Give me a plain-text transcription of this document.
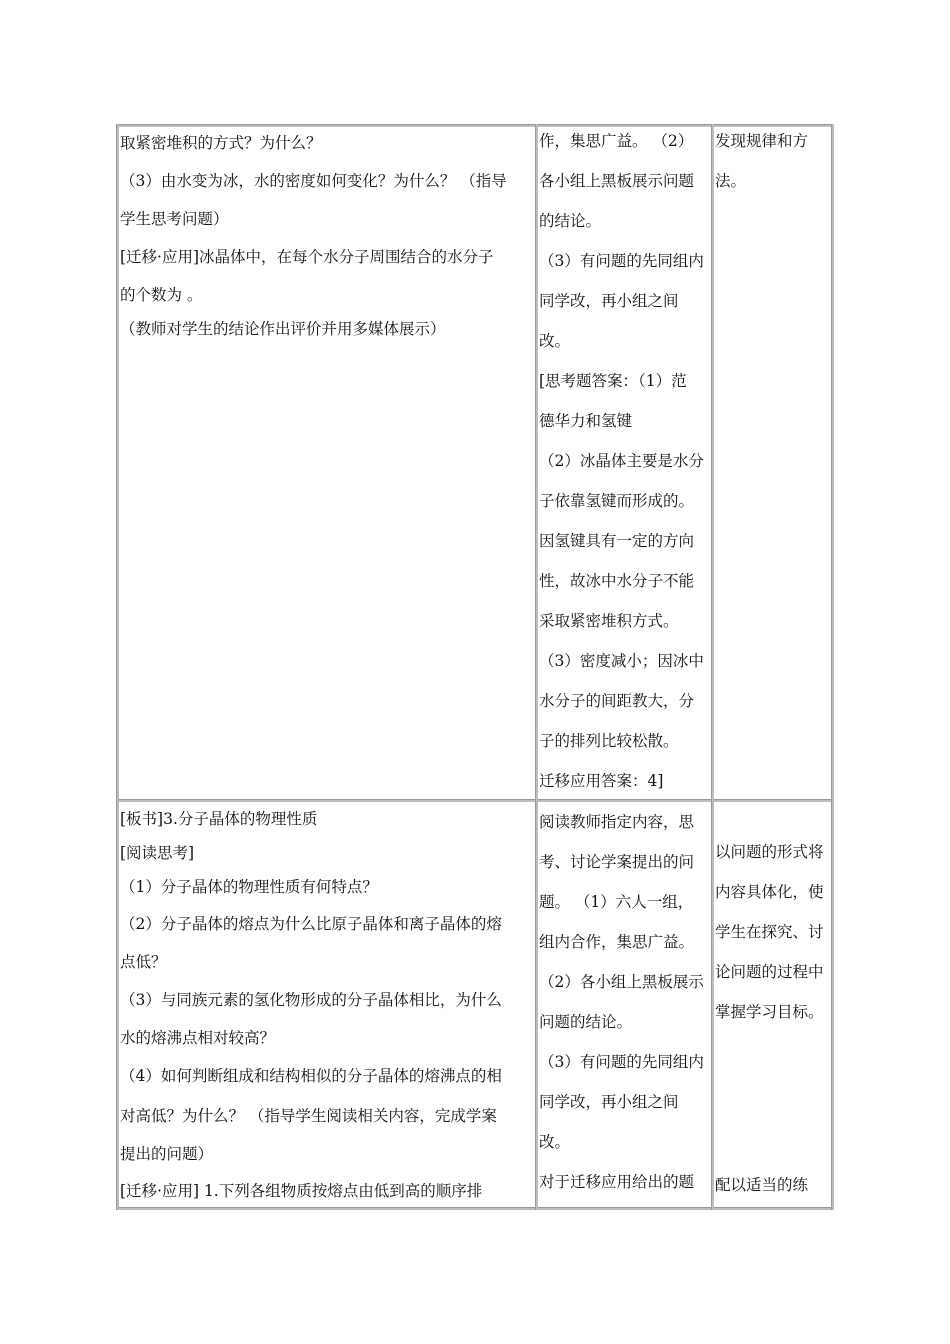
取紧密堆积的方式？为什么？
（3）由水变为冰，水的密度如何变化？为什么？ （指导
学生思考问题）
[迁移·应用]冰晶体中，在每个水分子周围结合的水分子
的个数为 。
（教师对学生的结论作出评价并用多媒体展示）
作，集思广益。 （2）
各小组上黑板展示问题
的结论。
（3）有问题的先同组内
同学改，再小组之间
改。
[思考题答案：（1）范
德华力和氢键
（2）冰晶体主要是水分
子依靠氢键而形成的。
因氢键具有一定的方向
性，故冰中水分子不能
采取紧密堆积方式。
（3）密度减小；因冰中
水分子的间距教大，分
子的排列比较松散。
迁移应用答案：4]
发现规律和方
法。
[板书]3.分子晶体的物理性质
[阅读思考]
（1）分子晶体的物理性质有何特点？
（2）分子晶体的熔点为什么比原子晶体和离子晶体的熔
点低？
（3）与同族元素的氢化物形成的分子晶体相比，为什么
水的熔沸点相对较高？
（4）如何判断组成和结构相似的分子晶体的熔沸点的相
对高低？为什么？ （指导学生阅读相关内容，完成学案
提出的问题）
[迁移·应用] 1.下列各组物质按熔点由低到高的顺序排
阅读教师指定内容，思
考、讨论学案提出的问
题。 （1）六人一组，
组内合作，集思广益。
（2）各小组上黑板展示
问题的结论。
（3）有问题的先同组内
同学改，再小组之间
改。
对于迁移应用给出的题
以问题的形式将
内容具体化，使
学生在探究、讨
论问题的过程中
掌握学习目标。
配以适当的练
